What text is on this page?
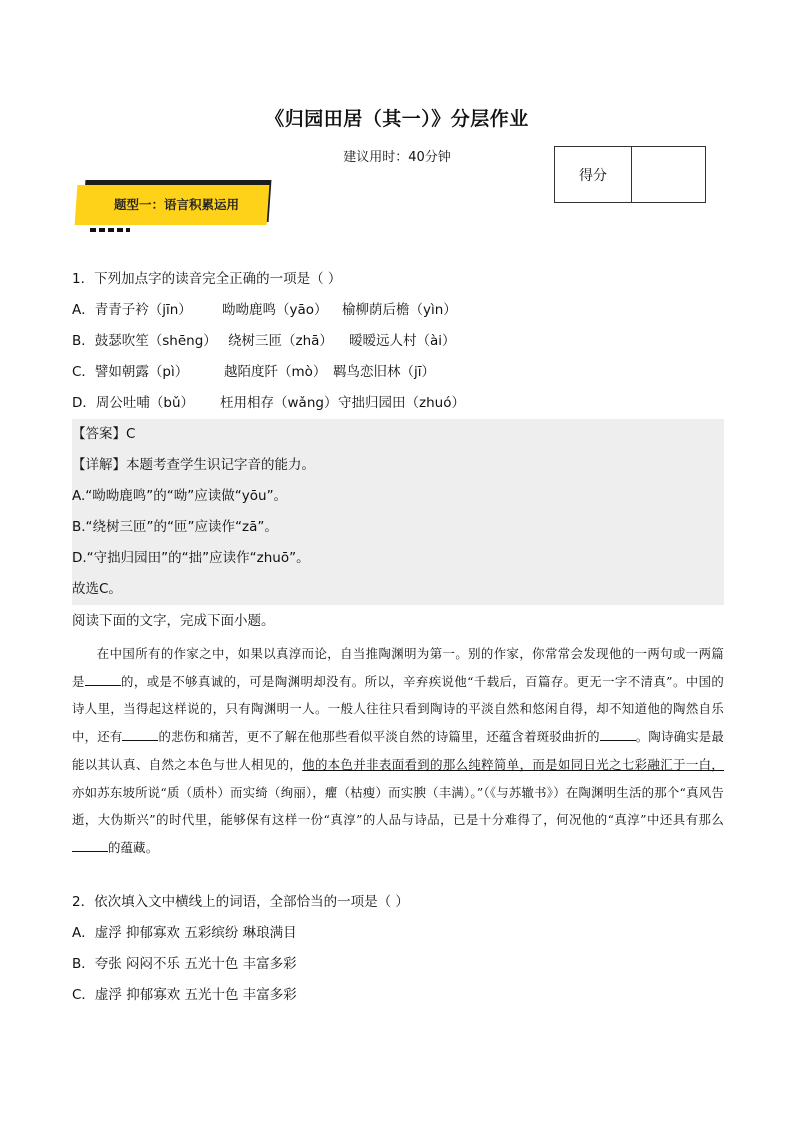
《归园田居（其一）》分层作业
建议用时：40分钟
得分
题型一：语言积累运用
1．下列加点字的读音完全正确的一项是（ ）
A．青青子衿（jīn） 呦呦鹿鸣（yāo） 榆柳荫后檐（yìn）
B．鼓瑟吹笙（shēng） 绕树三匝（zhā） 暧暧远人村（ài）
C．譬如朝露（pì）	越陌度阡（mò） 羁鸟恋旧林（jī）
D．周公吐哺（bǔ） 枉用相存（wǎng）守拙归园田（zhuó）
【答案】C
【详解】本题考查学生识记字音的能力。
A.“呦呦鹿鸣”的“呦”应读做“yōu”。
B.“绕树三匝”的“匝”应读作“zā”。
D.“守拙归园田”的“拙”应读作“zhuō”。
故选C。
阅读下面的文字，完成下面小题。

在中国所有的作家之中，如果以真淳而论，自当推陶渊明为第一。别的作家，你常常会发现他的一两句或一两篇是	的，或是不够真诚的，可是陶渊明却没有。所以，辛弃疾说他“千载后，百篇存。更无一字不清真”。中国的诗人里，当得起这样说的，只有陶渊明一人。一般人往往只看到陶诗的平淡自然和悠闲自得，却不知道他的陶然自乐中，还有	的悲伤和痛苦，更不了解在他那些看似平淡自然的诗篇里，还蕴含着斑驳曲折的	。陶诗确实是最能以其认真、自然之本色与世人相见的，他的本色并非表面看到的那么纯粹简单，而是如同日光之七彩融汇于一白，亦如苏东坡所说“质（质朴）而实绮（绚丽），癯（枯瘦）而实腴（丰满）。”（《与苏辙书》）在陶渊明生活的那个“真风告逝，大伪斯兴”的时代里，能够保有这样一份“真淳”的人品与诗品，已是十分难得了，何况他的“真淳”中还具有那么的蕴藏。

2．依次填入文中横线上的词语，全部恰当的一项是（ ）
A．虚浮 抑郁寡欢 五彩缤纷 琳琅满目
B．夸张 闷闷不乐 五光十色 丰富多彩
C．虚浮 抑郁寡欢 五光十色 丰富多彩
